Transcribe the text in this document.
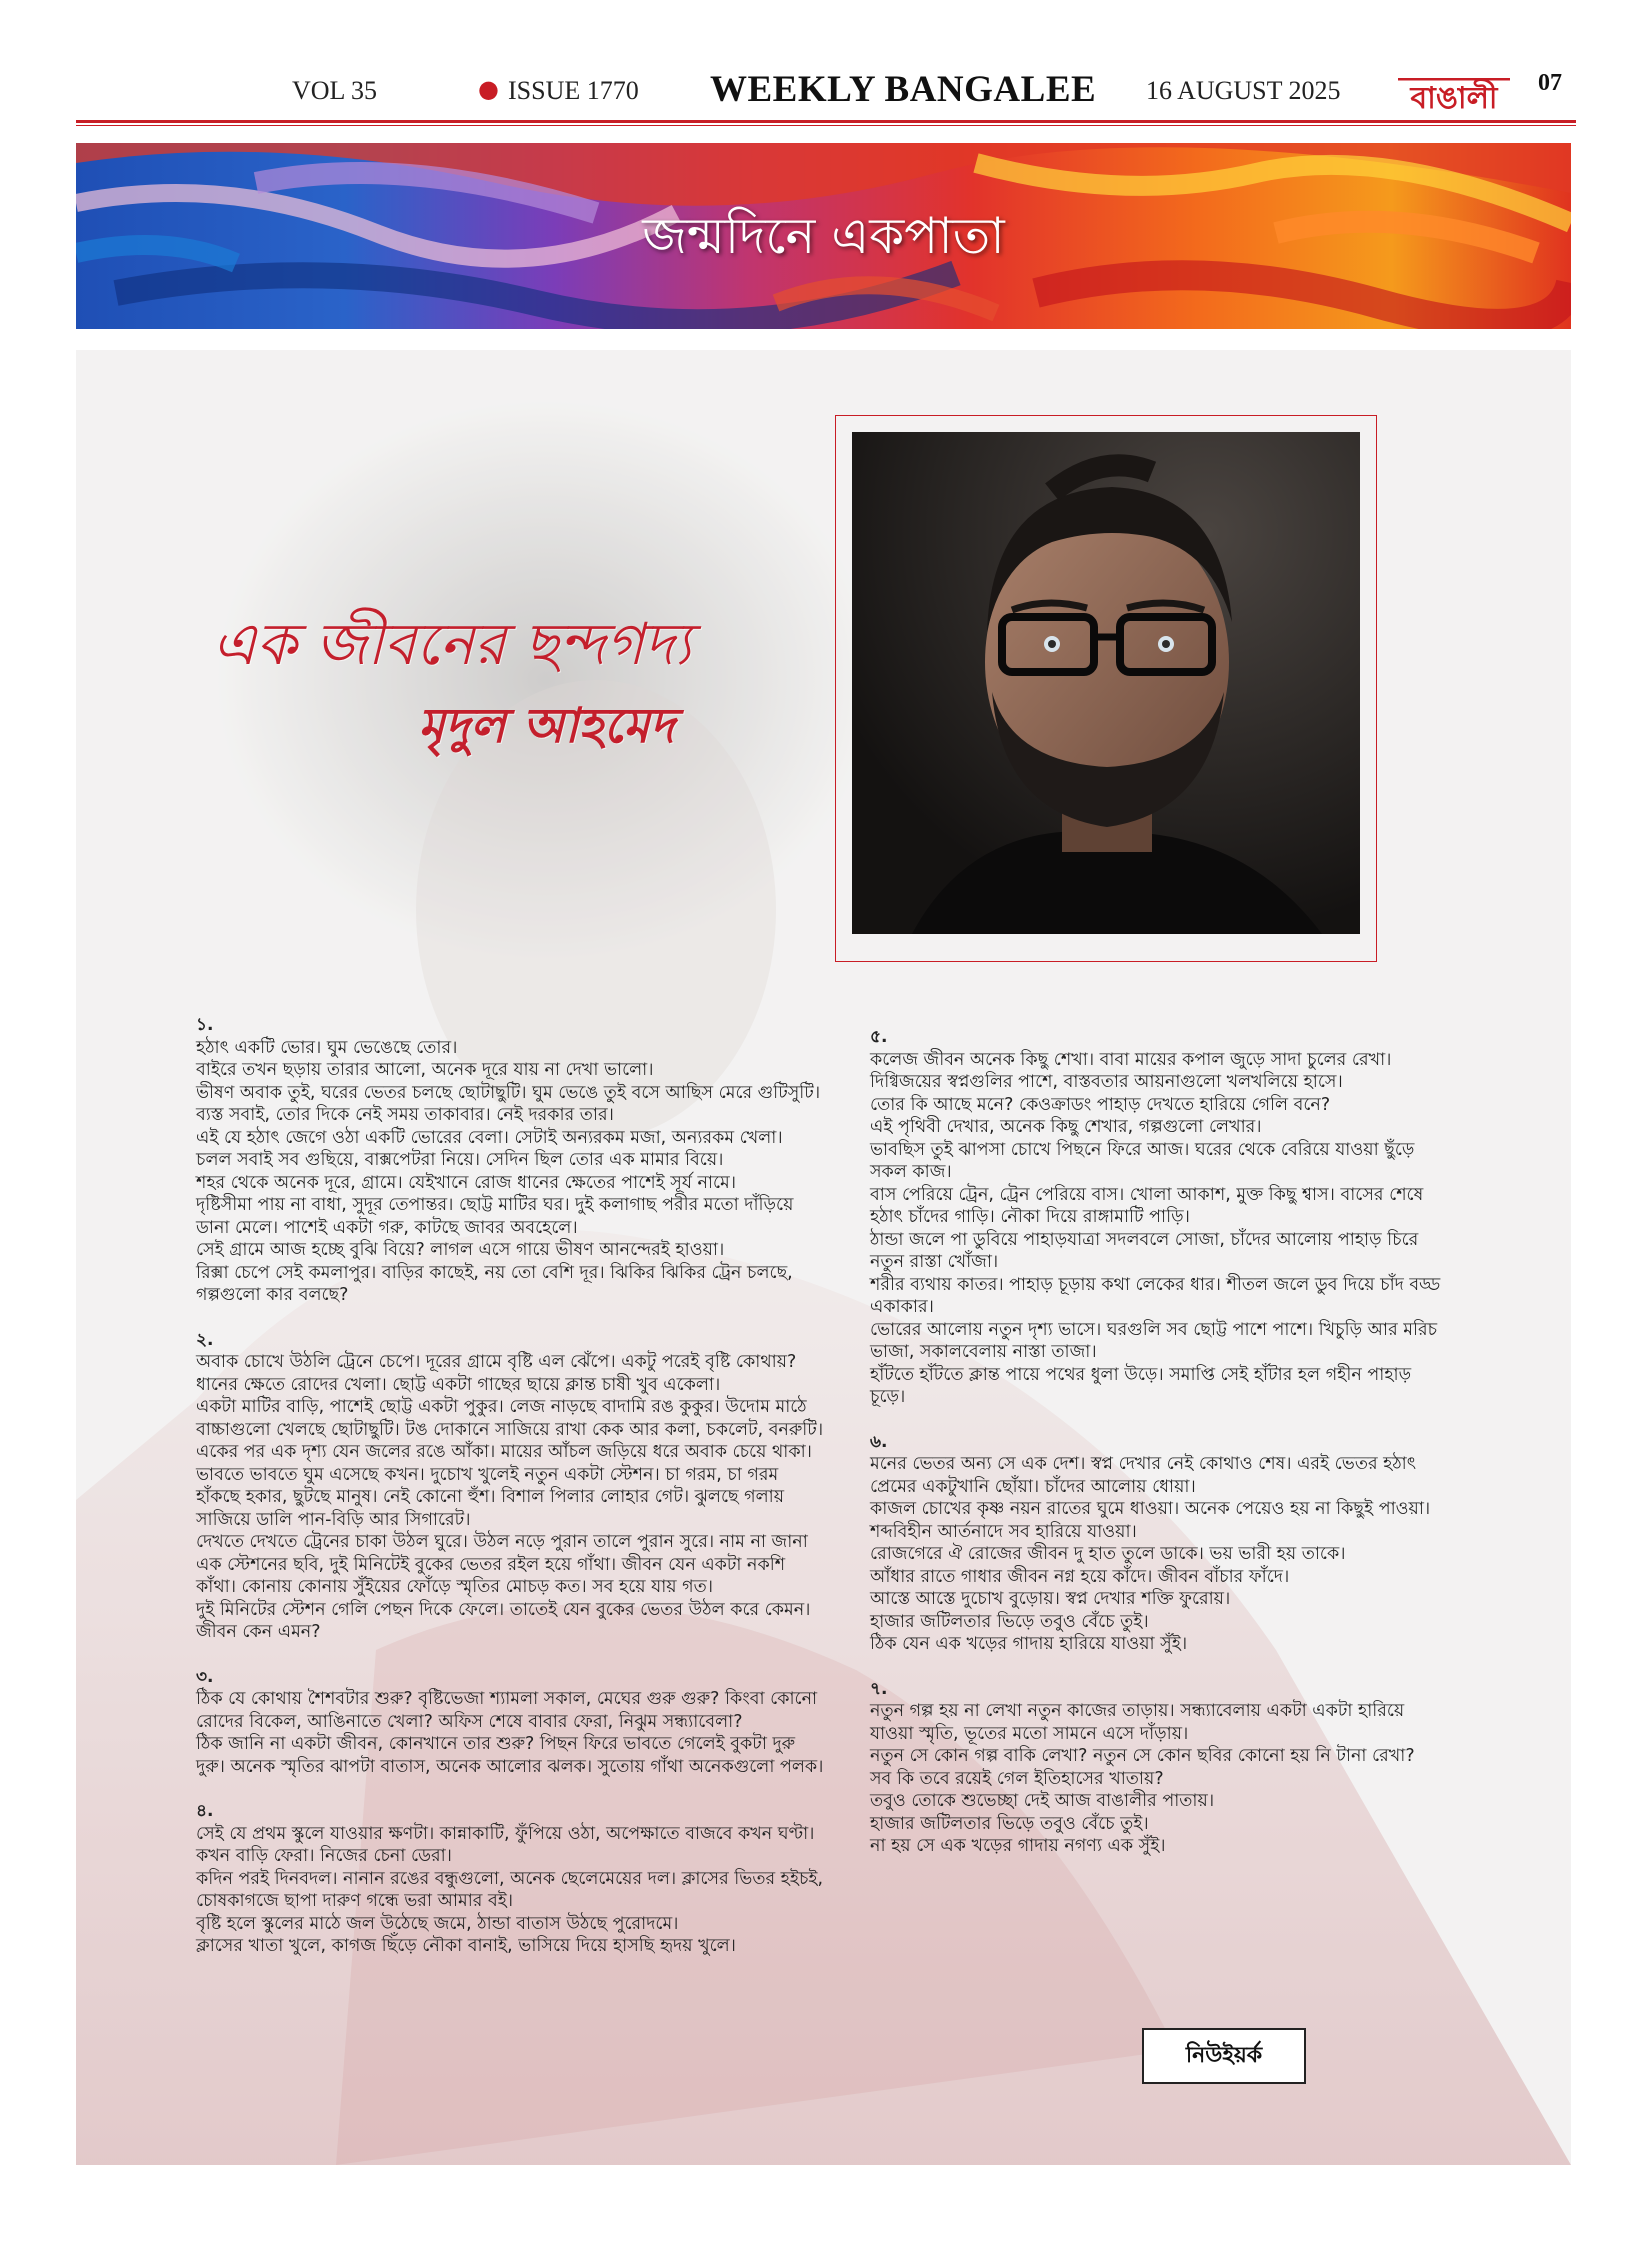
VOL 35	● ISSUE 1770 WEEKLY BANGALEE 16 AUGUST 2025 বাঙালী 07
জন্মদিনে একপাতা
এক জীবনের ছন্দগদ্য
মৃদুল আহমেদ
১.
হঠাৎ একটি ভোর। ঘুম ভেঙেছে তোর।
বাইরে তখন ছড়ায় তারার আলো, অনেক দূরে যায় না দেখা ভালো।
ভীষণ অবাক তুই, ঘরের ভেতর চলছে ছোটাছুটি। ঘুম ভেঙে তুই বসে আছিস মেরে গুটিসুটি। ব্যস্ত সবাই, তোর দিকে নেই সময় তাকাবার। নেই দরকার তার।
এই যে হঠাৎ জেগে ওঠা একটি ভোরের বেলা। সেটাই অন্যরকম মজা, অন্যরকম খেলা।
চলল সবাই সব গুছিয়ে, বাক্সপেটরা নিয়ে। সেদিন ছিল তোর এক মামার বিয়ে।
শহর থেকে অনেক দূরে, গ্রামে। যেইখানে রোজ ধানের ক্ষেতের পাশেই সূর্য নামে।
দৃষ্টিসীমা পায় না বাধা, সুদূর তেপান্তর। ছোট্ট মাটির ঘর। দুই কলাগাছ পরীর মতো দাঁড়িয়ে ডানা মেলে। পাশেই একটা গরু, কাটছে জাবর অবহেলে।
সেই গ্রামে আজ হচ্ছে বুঝি বিয়ে? লাগল এসে গায়ে ভীষণ আনন্দেরই হাওয়া।
রিক্সা চেপে সেই কমলাপুর। বাড়ির কাছেই, নয় তো বেশি দূর। ঝিকির ঝিকির ট্রেন চলছে, গল্পগুলো কার বলছে?
২.
অবাক চোখে উঠলি ট্রেনে চেপে। দূরের গ্রামে বৃষ্টি এল ঝেঁপে। একটু পরেই বৃষ্টি কোথায়?
ধানের ক্ষেতে রোদের খেলা। ছোট্ট একটা গাছের ছায়ে ক্লান্ত চাষী খুব একেলা।
একটা মাটির বাড়ি, পাশেই ছোট্ট একটা পুকুর। লেজ নাড়ছে বাদামি রঙ কুকুর। উদোম মাঠে বাচ্চাগুলো খেলছে ছোটাছুটি। টঙ দোকানে সাজিয়ে রাখা কেক আর কলা, চকলেট, বনরুটি।
একের পর এক দৃশ্য যেন জলের রঙে আঁকা। মায়ের আঁচল জড়িয়ে ধরে অবাক চেয়ে থাকা।
ভাবতে ভাবতে ঘুম এসেছে কখন। দুচোখ খুলেই নতুন একটা স্টেশন। চা গরম, চা গরম হাঁকছে হকার, ছুটছে মানুষ। নেই কোনো হুঁশ। বিশাল পিলার লোহার গেট। ঝুলছে গলায় সাজিয়ে ডালি পান-বিড়ি আর সিগারেট।
দেখতে দেখতে ট্রেনের চাকা উঠল ঘুরে। উঠল নড়ে পুরান তালে পুরান সুরে। নাম না জানা এক স্টেশনের ছবি, দুই মিনিটেই বুকের ভেতর রইল হয়ে গাঁথা। জীবন যেন একটা নকশি কাঁথা। কোনায় কোনায় সুঁইয়ের ফোঁড়ে স্মৃতির মোচড় কত। সব হয়ে যায় গত।
দুই মিনিটের স্টেশন গেলি পেছন দিকে ফেলে। তাতেই যেন বুকের ভেতর উঠল করে কেমন।
জীবন কেন এমন?
৩.
ঠিক যে কোথায় শৈশবটার শুরু? বৃষ্টিভেজা শ্যামলা সকাল, মেঘের গুরু গুরু? কিংবা কোনো রোদের বিকেল, আঙিনাতে খেলা? অফিস শেষে বাবার ফেরা, নিঝুম সন্ধ্যাবেলা?
ঠিক জানি না একটা জীবন, কোনখানে তার শুরু? পিছন ফিরে ভাবতে গেলেই বুকটা দুরু দুরু। অনেক স্মৃতির ঝাপটা বাতাস, অনেক আলোর ঝলক। সুতোয় গাঁথা অনেকগুলো পলক।
৪.
সেই যে প্রথম স্কুলে যাওয়ার ক্ষণটা। কান্নাকাটি, ফুঁপিয়ে ওঠা, অপেক্ষাতে বাজবে কখন ঘণ্টা।
কখন বাড়ি ফেরা। নিজের চেনা ডেরা।
কদিন পরই দিনবদল। নানান রঙের বন্ধুগুলো, অনেক ছেলেমেয়ের দল। ক্লাসের ভিতর হইচই, চোষকাগজে ছাপা দারুণ গন্ধে ভরা আমার বই।
বৃষ্টি হলে স্কুলের মাঠে জল উঠেছে জমে, ঠান্ডা বাতাস উঠছে পুরোদমে।
ক্লাসের খাতা খুলে, কাগজ ছিঁড়ে নৌকা বানাই, ভাসিয়ে দিয়ে হাসছি হৃদয় খুলে।
৫.
কলেজ জীবন অনেক কিছু শেখা। বাবা মায়ের কপাল জুড়ে সাদা চুলের রেখা। দিগ্বিজয়ের স্বপ্নগুলির পাশে, বাস্তবতার আয়নাগুলো খলখলিয়ে হাসে।
তোর কি আছে মনে? কেওক্রাডং পাহাড় দেখতে হারিয়ে গেলি বনে?
এই পৃথিবী দেখার, অনেক কিছু শেখার, গল্পগুলো লেখার।
ভাবছিস তুই ঝাপসা চোখে পিছনে ফিরে আজ। ঘরের থেকে বেরিয়ে যাওয়া ছুঁড়ে সকল কাজ।
বাস পেরিয়ে ট্রেন, ট্রেন পেরিয়ে বাস। খোলা আকাশ, মুক্ত কিছু শ্বাস। বাসের শেষে হঠাৎ চাঁদের গাড়ি। নৌকা দিয়ে রাঙ্গামাটি পাড়ি।
ঠান্ডা জলে পা ডুবিয়ে পাহাড়যাত্রা সদলবলে সোজা, চাঁদের আলোয় পাহাড় চিরে নতুন রাস্তা খোঁজা।
শরীর ব্যথায় কাতর। পাহাড় চূড়ায় কথা লেকের ধার। শীতল জলে ডুব দিয়ে চাঁদ বড্ড একাকার।
ভোরের আলোয় নতুন দৃশ্য ভাসে। ঘরগুলি সব ছোট্ট পাশে পাশে। খিচুড়ি আর মরিচ ভাজা, সকালবেলায় নাস্তা তাজা।
হাঁটতে হাঁটতে ক্লান্ত পায়ে পথের ধুলা উড়ে। সমাপ্তি সেই হাঁটার হল গহীন পাহাড় চূড়ে।
৬.
মনের ভেতর অন্য সে এক দেশ। স্বপ্ন দেখার নেই কোথাও শেষ। এরই ভেতর হঠাৎ প্রেমের একটুখানি ছোঁয়া। চাঁদের আলোয় ধোয়া।
কাজল চোখের কৃষ্ণ নয়ন রাতের ঘুমে ধাওয়া। অনেক পেয়েও হয় না কিছুই পাওয়া।
শব্দবিহীন আর্তনাদে সব হারিয়ে যাওয়া।
রোজগেরে ঐ রোজের জীবন দু হাত তুলে ডাকে। ভয় ভারী হয় তাকে।
আঁধার রাতে গাধার জীবন নগ্ন হয়ে কাঁদে। জীবন বাঁচার ফাঁদে।
আস্তে আস্তে দুচোখ বুড়োয়। স্বপ্ন দেখার শক্তি ফুরোয়।
হাজার জটিলতার ভিড়ে তবুও বেঁচে তুই।
ঠিক যেন এক খড়ের গাদায় হারিয়ে যাওয়া সুঁই।
৭.
নতুন গল্প হয় না লেখা নতুন কাজের তাড়ায়। সন্ধ্যাবেলায় একটা একটা হারিয়ে যাওয়া স্মৃতি, ভূতের মতো সামনে এসে দাঁড়ায়।
নতুন সে কোন গল্প বাকি লেখা? নতুন সে কোন ছবির কোনো হয় নি টানা রেখা?
সব কি তবে রয়েই গেল ইতিহাসের খাতায়?
তবুও তোকে শুভেচ্ছা দেই আজ বাঙালীর পাতায়।
হাজার জটিলতার ভিড়ে তবুও বেঁচে তুই।
না হয় সে এক খড়ের গাদায় নগণ্য এক সুঁই।
নিউইয়র্ক
